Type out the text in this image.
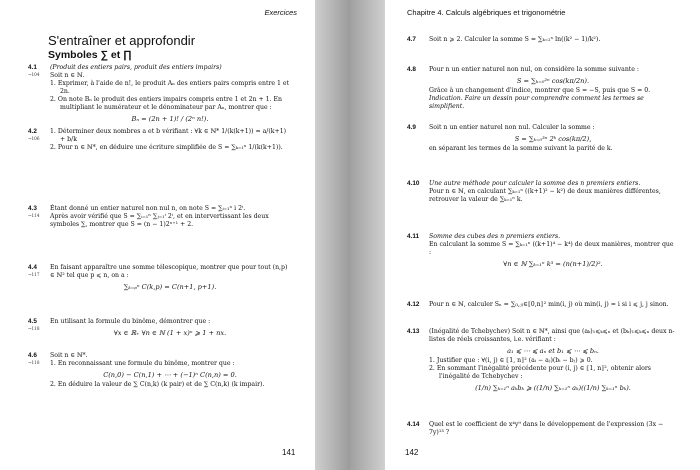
Exercices
S'entraîner et approfondir
Symboles ∑ et ∏
4.1
→104
(Produit des entiers pairs, produit des entiers impairs)
Soit n ∈ ℕ.
1. Exprimer, à l'aide de n!, le produit Aₙ des entiers pairs compris entre 1 et 2n.
2. On note Bₙ le produit des entiers impairs compris entre 1 et 2n + 1. En multipliant le numérateur et le dénominateur par Aₙ, montrer que :
Bₙ = (2n + 1)! / (2ⁿ n!).
4.2
→106
1. Déterminer deux nombres a et b vérifiant : ∀k ∈ ℕ* 1/(k(k+1)) = a/(k+1) + b/k
2. Pour n ∈ ℕ*, en déduire une écriture simplifiée de S = ∑ₖ₌₁ⁿ 1/(k(k+1)).
4.3
→114
Étant donné un entier naturel non nul n, on note S = ∑ᵢ₌₁ⁿ i 2ⁱ.
Après avoir vérifié que S = ∑ᵢ₌₁ⁿ ∑ⱼ₌₁ⁱ 2ⁱ, et en intervertissant les deux symboles ∑, montrer que S = (n − 1)2ⁿ⁺¹ + 2.
4.4
→117
En faisant apparaître une somme télescopique, montrer que pour tout (n,p) ∈ ℕ² tel que p ⩽ n, on a :
∑ₖ₌ₚⁿ C(k,p) = C(n+1, p+1).
4.5
→118
En utilisant la formule du binôme, démontrer que :
∀x ∈ ℝ₊ ∀n ∈ ℕ (1 + x)ⁿ ⩾ 1 + nx.
4.6
→118
Soit n ∈ ℕ*.
1. En reconnaissant une formule du binôme, montrer que :
C(n,0) − C(n,1) + ⋯ + (−1)ⁿ C(n,n) = 0.
2. En déduire la valeur de ∑ C(n,k) (k pair) et de ∑ C(n,k) (k impair).
141
Chapitre 4. Calculs algébriques et trigonométrie
4.7 Soit n ⩾ 2. Calculer la somme S = ∑ₖ₌₂ⁿ ln((k² − 1)/k²).
4.8 Pour n un entier naturel non nul, on considère la somme suivante :
S = ∑ₖ₌₀²ⁿ cos(kπ/2n).
Grâce à un changement d'indice, montrer que S = −S, puis que S = 0.
Indication. Faire un dessin pour comprendre comment les termes se simplifient.
4.9 Soit n un entier naturel non nul. Calculer la somme :
S = ∑ₖ₌₀³ⁿ 2ᵏ cos(kπ/2),
en séparant les termes de la somme suivant la parité de k.
4.10 Une autre méthode pour calculer la somme des n premiers entiers.
Pour n ∈ ℕ, en calculant ∑ₖ₌₁ⁿ ((k+1)² − k²) de deux manières différentes, retrouver la valeur de ∑ₖ₌₁ⁿ k.
4.11 Somme des cubes des n premiers entiers.
En calculant la somme S = ∑ₖ₌₁ⁿ ((k+1)⁴ − k⁴) de deux manières, montrer que :
∀n ∈ ℕ ∑ₖ₌₁ⁿ k³ = (n(n+1)/2)².
4.12 Pour n ∈ ℕ, calculer Sₙ = ∑₍ᵢ,ⱼ₎∈⟦0,n⟧² min(i, j) où min(i, j) = i si i ⩽ j, j sinon.
4.13 (Inégalité de Tchebychev) Soit n ∈ ℕ*, ainsi que (aₖ)₁⩽ₖ⩽ₙ et (bₖ)₁⩽ₖ⩽ₙ deux n-listes de réels croissantes, i.e. vérifiant :
a₁ ⩽ ⋯ ⩽ aₙ et b₁ ⩽ ⋯ ⩽ bₙ.
1. Justifier que : ∀(i, j) ∈ ⟦1, n⟧² (aᵢ − aⱼ)(bᵢ − bⱼ) ⩾ 0.
2. En sommant l'inégalité précédente pour (i, j) ∈ ⟦1, n⟧², obtenir alors l'inégalité de Tchebychev :
(1/n) ∑ₖ₌₁ⁿ aₖbₖ ⩾ ((1/n) ∑ₖ₌₁ⁿ aₖ)((1/n) ∑ₖ₌₁ⁿ bₖ).
4.14 Quel est le coefficient de x⁴y⁹ dans le développement de l'expression (3x − 7y)¹³ ?
142
